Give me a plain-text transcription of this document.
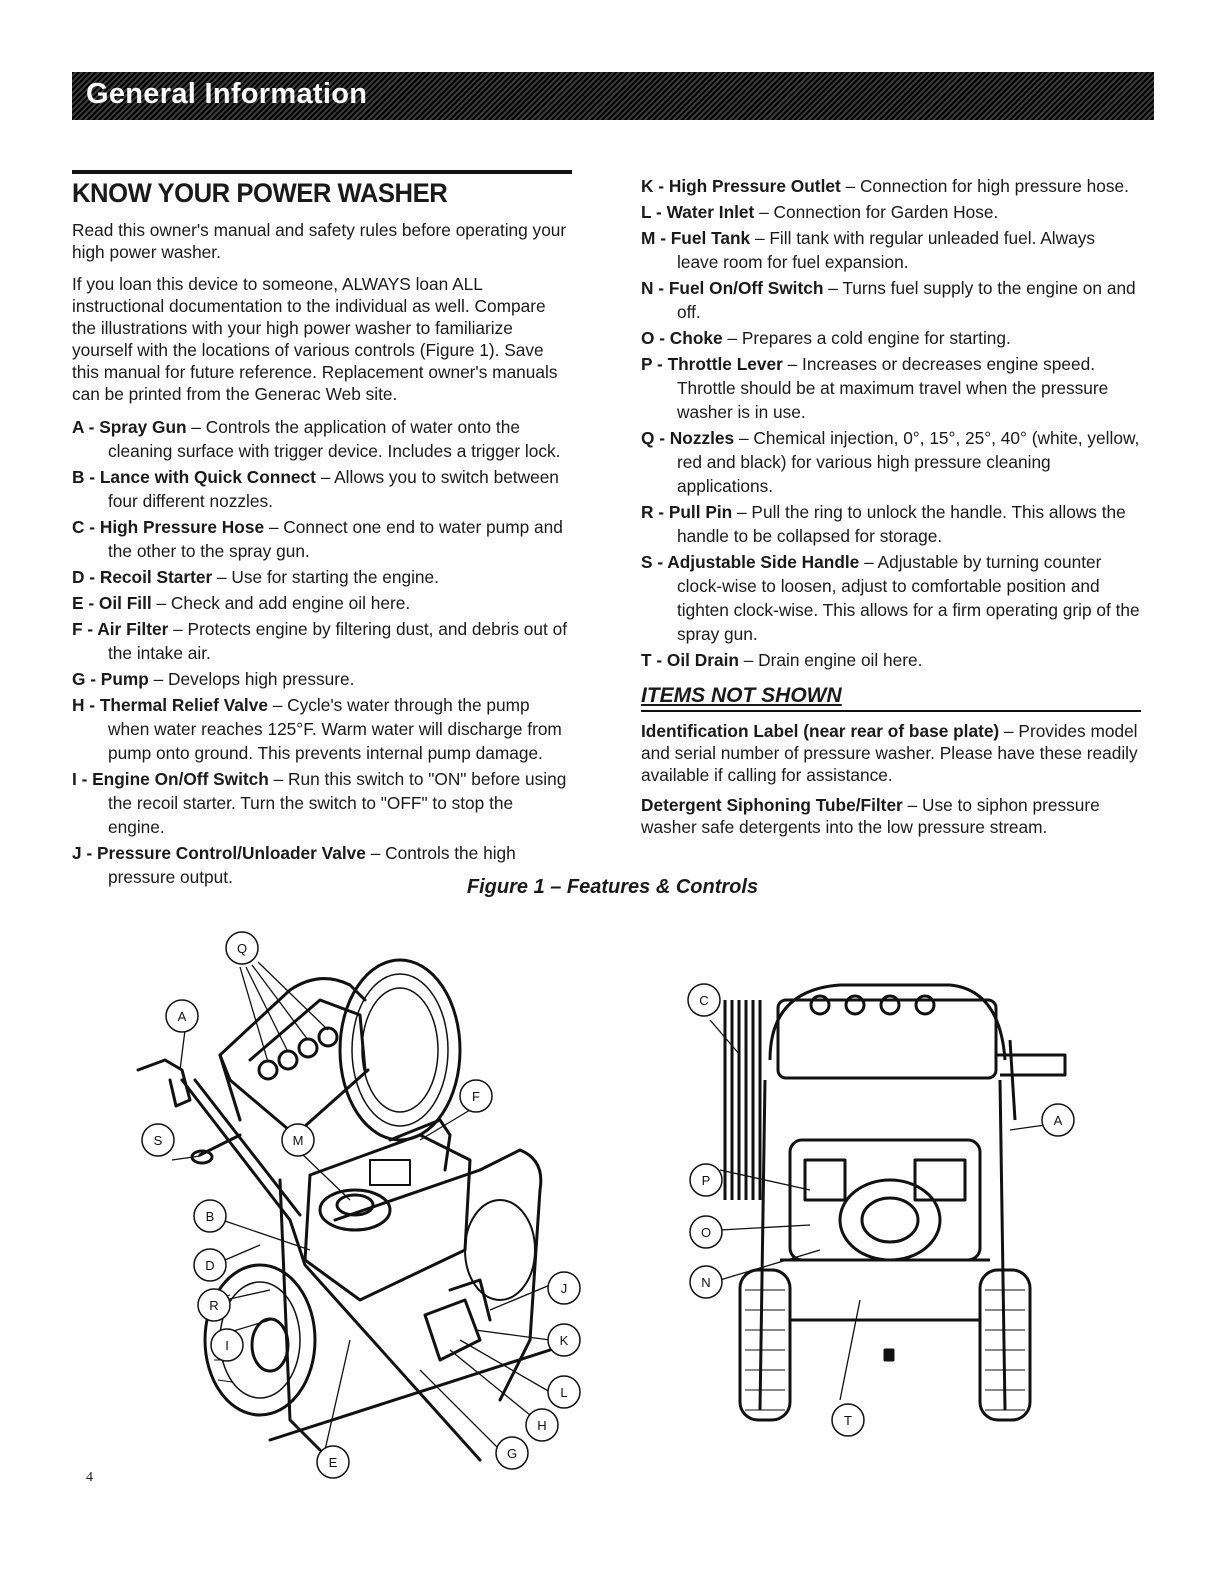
General Information
KNOW YOUR POWER WASHER

Read this owner's manual and safety rules before operating your high power washer.

If you loan this device to someone, ALWAYS loan ALL instructional documentation to the individual as well. Compare the illustrations with your high power washer to familiarize yourself with the locations of various controls (Figure 1). Save this manual for future reference. Replacement owner's manuals can be printed from the Generac Web site.

A - Spray Gun – Controls the application of water onto the cleaning surface with trigger device. Includes a trigger lock.
B - Lance with Quick Connect – Allows you to switch between four different nozzles.
C - High Pressure Hose – Connect one end to water pump and the other to the spray gun.
D - Recoil Starter – Use for starting the engine.
E - Oil Fill – Check and add engine oil here.
F - Air Filter – Protects engine by filtering dust, and debris out of the intake air.
G - Pump – Develops high pressure.
H - Thermal Relief Valve – Cycle's water through the pump when water reaches 125°F. Warm water will discharge from pump onto ground. This prevents internal pump damage.
I - Engine On/Off Switch – Run this switch to "ON" before using the recoil starter. Turn the switch to "OFF" to stop the engine.
J - Pressure Control/Unloader Valve – Controls the high pressure output.
K - High Pressure Outlet – Connection for high pressure hose.
L - Water Inlet – Connection for Garden Hose.
M - Fuel Tank – Fill tank with regular unleaded fuel. Always leave room for fuel expansion.
N - Fuel On/Off Switch – Turns fuel supply to the engine on and off.
O - Choke – Prepares a cold engine for starting.
P - Throttle Lever – Increases or decreases engine speed. Throttle should be at maximum travel when the pressure washer is in use.
Q - Nozzles – Chemical injection, 0°, 15°, 25°, 40° (white, yellow, red and black) for various high pressure cleaning applications.
R - Pull Pin – Pull the ring to unlock the handle. This allows the handle to be collapsed for storage.
S - Adjustable Side Handle – Adjustable by turning counter clock-wise to loosen, adjust to comfortable position and tighten clock-wise. This allows for a firm operating grip of the spray gun.
T - Oil Drain – Drain engine oil here.
ITEMS NOT SHOWN
Identification Label (near rear of base plate) – Provides model and serial number of pressure washer. Please have these readily available if calling for assistance.
Detergent Siphoning Tube/Filter – Use to siphon pressure washer safe detergents into the low pressure stream.
Figure 1 – Features & Controls
Q
A
S	M
F
B
D
R
I
J
K
L
H
G
E
C
A
P
O
N
T
4
